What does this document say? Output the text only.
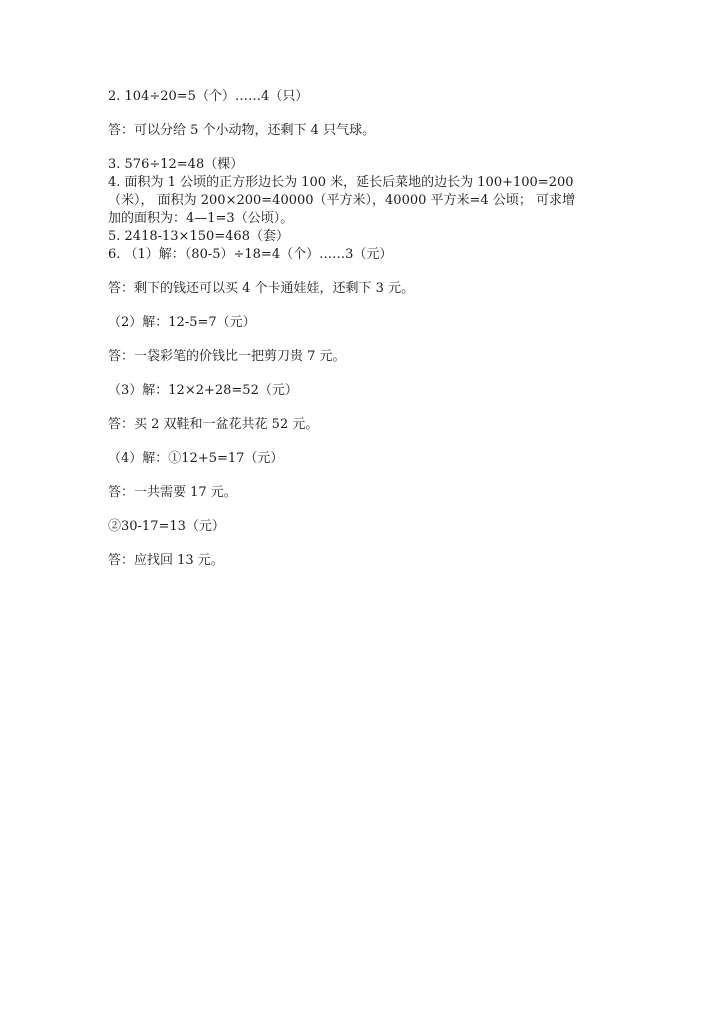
2. 104÷20=5（个）……4（只）
答：可以分给 5 个小动物，还剩下 4 只气球。
3. 576÷12=48（棵）
4. 面积为 1 公顷的正方形边长为 100 米，延长后菜地的边长为 100+100=200
（米）， 面积为 200×200=40000（平方米），40000 平方米=4 公顷； 可求增
加的面积为：4—1=3（公顷）。
5. 2418-13×150=468（套）
6. （1）解：（80-5）÷18=4（个）……3（元）
答：剩下的钱还可以买 4 个卡通娃娃，还剩下 3 元。
（2）解：12-5=7（元）
答：一袋彩笔的价钱比一把剪刀贵 7 元。
（3）解：12×2+28=52（元）
答：买 2 双鞋和一盆花共花 52 元。
（4）解：①12+5=17（元）
答：一共需要 17 元。
②30-17=13（元）
答：应找回 13 元。
